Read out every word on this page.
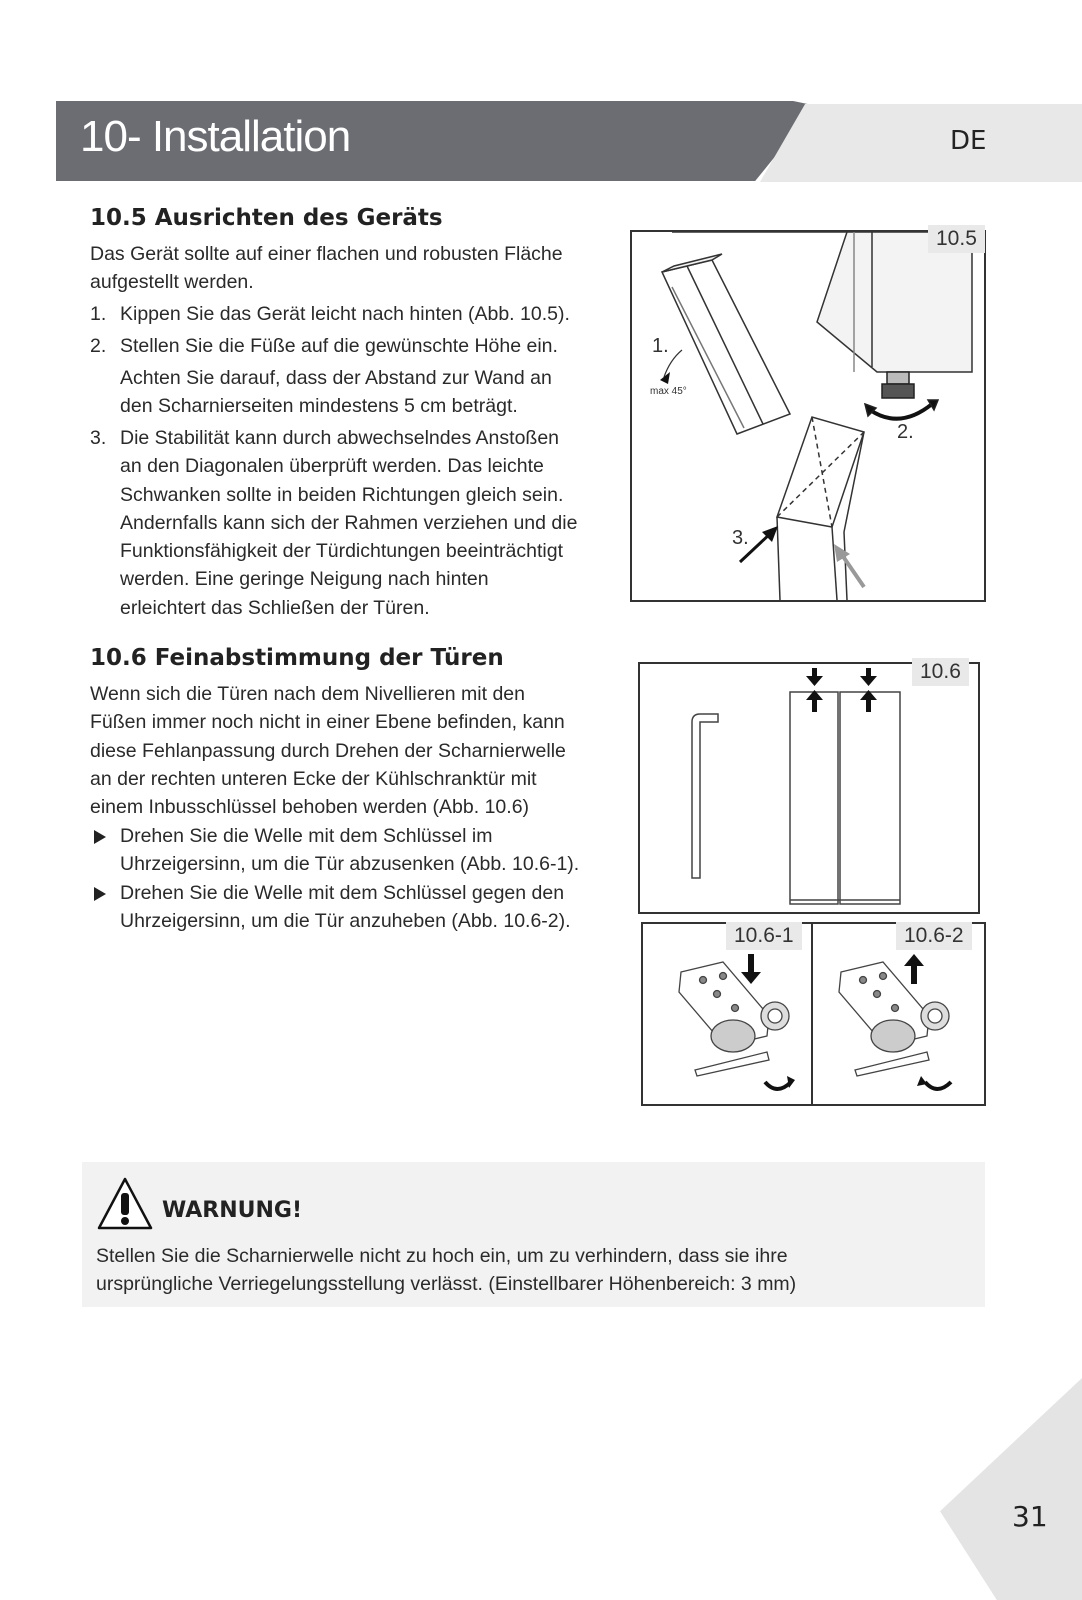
10- Installation	DE
10.5 Ausrichten des Geräts
Das Gerät sollte auf einer flachen und robusten Fläche
aufgestellt werden.
1. Kippen Sie das Gerät leicht nach hinten (Abb. 10.5).
2. Stellen Sie die Füße auf die gewünschte Höhe ein.
Achten Sie darauf, dass der Abstand zur Wand an
den Scharnierseiten mindestens 5 cm beträgt.
3. Die Stabilität kann durch abwechselndes Anstoßen
an den Diagonalen überprüft werden. Das leichte
Schwanken sollte in beiden Richtungen gleich sein.
Andernfalls kann sich der Rahmen verziehen und die
Funktionsfähigkeit der Türdichtungen beeinträchtigt
werden. Eine geringe Neigung nach hinten
erleichtert das Schließen der Türen.
1.
max 45°
2.
3.
10.5
10.6 Feinabstimmung der Türen
Wenn sich die Türen nach dem Nivellieren mit den
Füßen immer noch nicht in einer Ebene befinden, kann
diese Fehlanpassung durch Drehen der Scharnierwelle
an der rechten unteren Ecke der Kühlschranktür mit
einem Inbusschlüssel behoben werden (Abb. 10.6)
Drehen Sie die Welle mit dem Schlüssel im
Uhrzeigersinn, um die Tür abzusenken (Abb. 10.6-1).
Drehen Sie die Welle mit dem Schlüssel gegen den
Uhrzeigersinn, um die Tür anzuheben (Abb. 10.6-2).
10.6
10.6-1	10.6-2
WARNUNG!
Stellen Sie die Scharnierwelle nicht zu hoch ein, um zu verhindern, dass sie ihre
ursprüngliche Verriegelungsstellung verlässt. (Einstellbarer Höhenbereich: 3 mm)
31
